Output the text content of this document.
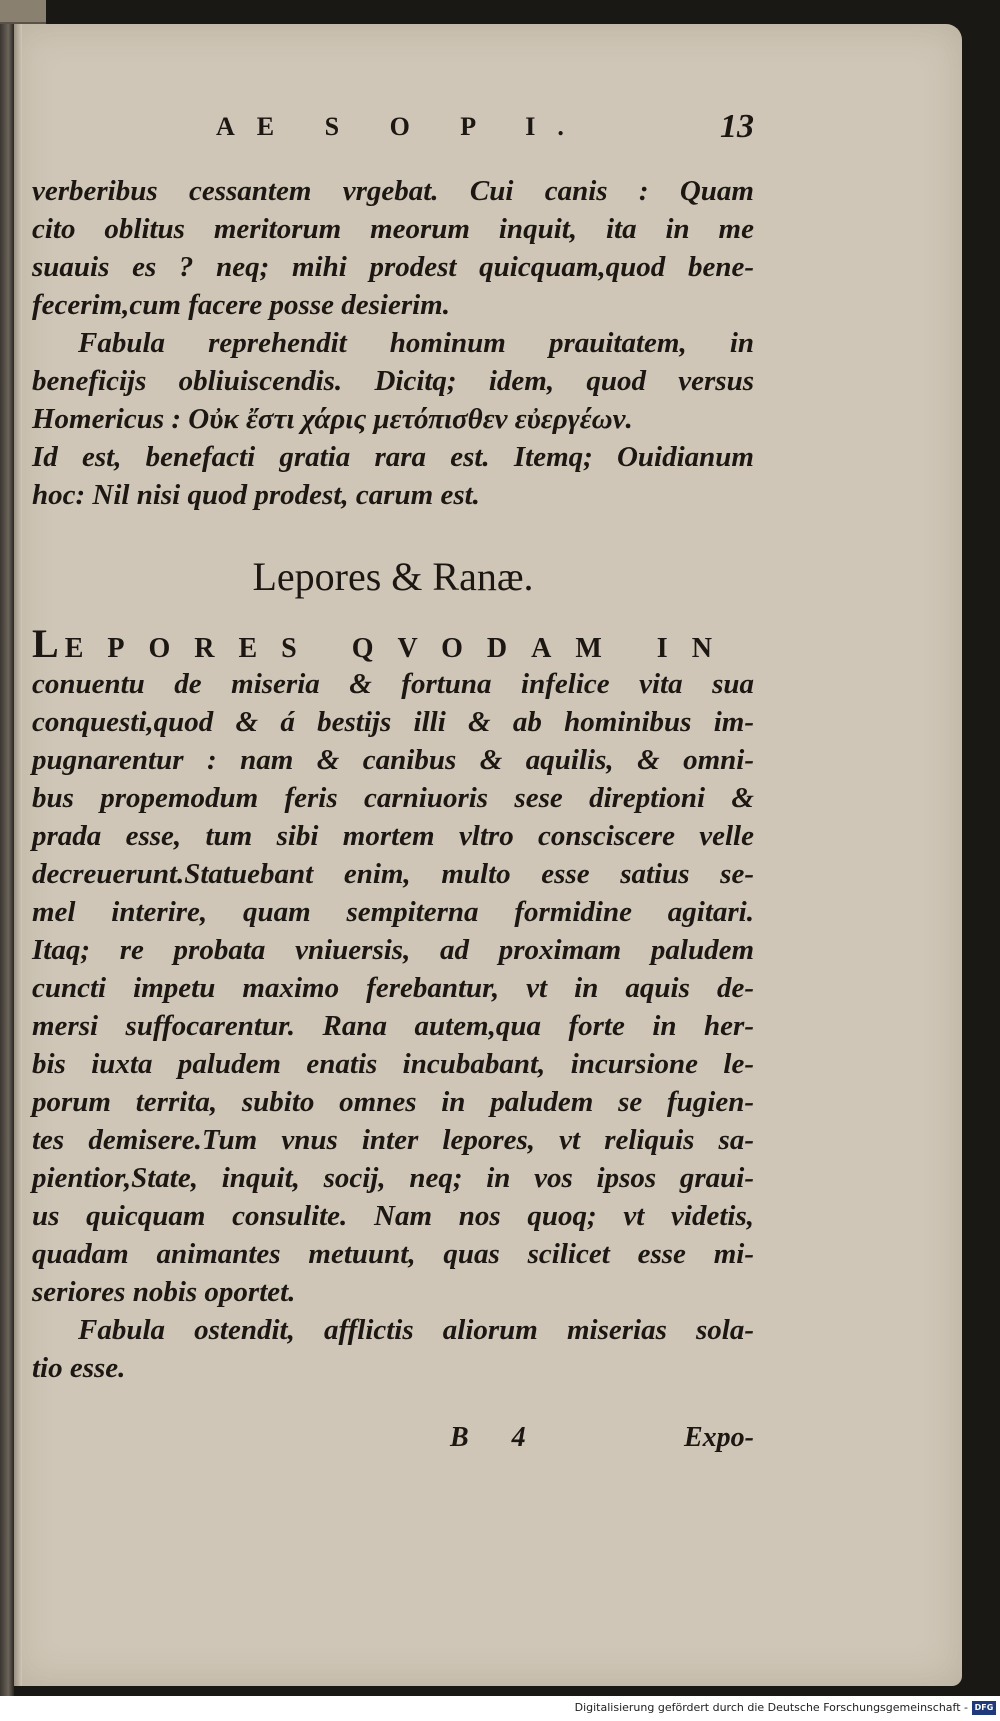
AE S O P I.	13
verberibus cessantem vrgebat. Cui canis : Quam
cito oblitus meritorum meorum inquit, ita in me
suauis es ? neq; mihi prodest quicquam,quod bene-
fecerim,cum facere posse desierim.
Fabula reprehendit hominum prauitatem, in
beneficijs obliuiscendis. Dicitq; idem, quod versus
Homericus : Οὐκ ἔστι χάρις μετόπισθεν εὐεργέων.
Id est, benefacti gratia rara est. Itemq; Ouidianum
hoc: Nil nisi quod prodest, carum est.
Lepores & Ranæ.
LEPORES QVODAM IN
conuentu de miseria & fortuna infelice vita sua
conquesti,quod & á bestijs illi & ab hominibus im-
pugnarentur : nam & canibus & aquilis, & omni-
bus propemodum feris carniuoris sese direptioni &
prada esse, tum sibi mortem vltro consciscere velle
decreuerunt.Statuebant enim, multo esse satius se-
mel interire, quam sempiterna formidine agitari.
Itaq; re probata vniuersis, ad proximam paludem
cuncti impetu maximo ferebantur, vt in aquis de-
mersi suffocarentur. Rana autem,qua forte in her-
bis iuxta paludem enatis incubabant, incursione le-
porum territa, subito omnes in paludem se fugien-
tes demisere.Tum vnus inter lepores, vt reliquis sa-
pientior,State, inquit, socij, neq; in vos ipsos graui-
us quicquam consulite. Nam nos quoq; vt videtis,
quadam animantes metuunt, quas scilicet esse mi-
seriores nobis oportet.
Fabula ostendit, afflictis aliorum miserias sola-
tio esse.
B 4	Expo-
Digitalisierung gefördert durch die Deutsche Forschungsgemeinschaft - DFG
